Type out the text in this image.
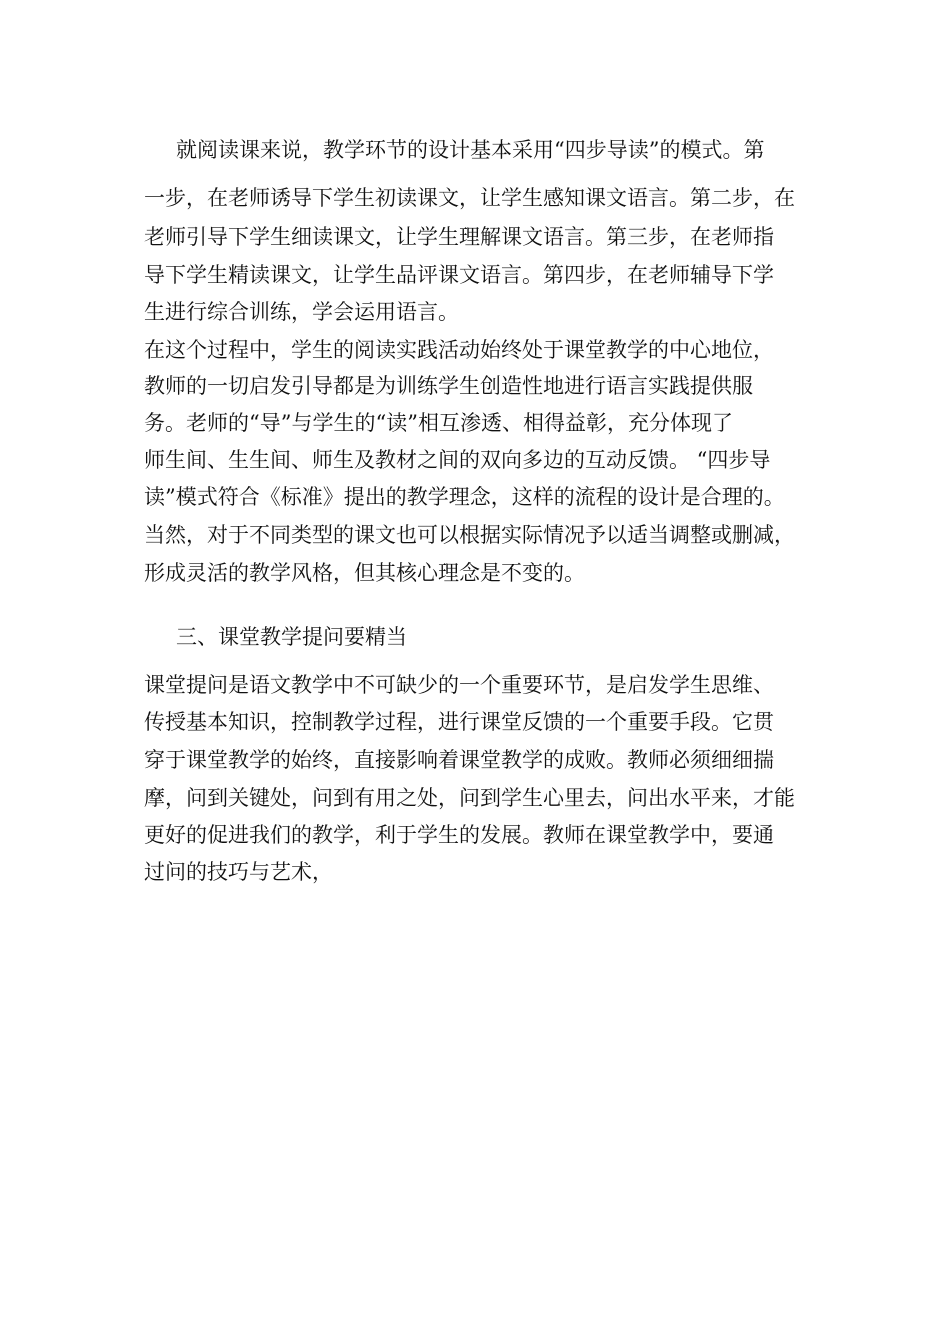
就阅读课来说，教学环节的设计基本采用“四步导读”的模式。第

一步，在老师诱导下学生初读课文，让学生感知课文语言。第二步，在

老师引导下学生细读课文，让学生理解课文语言。第三步，在老师指

导下学生精读课文，让学生品评课文语言。第四步，在老师辅导下学

生进行综合训练，学会运用语言。

在这个过程中，学生的阅读实践活动始终处于课堂教学的中心地位，

教师的一切启发引导都是为训练学生创造性地进行语言实践提供服

务。老师的“导”与学生的“读”相互渗透、相得益彰，充分体现了

师生间、生生间、师生及教材之间的双向多边的互动反馈。 “四步导

读”模式符合《标准》提出的教学理念，这样的流程的设计是合理的。

当然，对于不同类型的课文也可以根据实际情况予以适当调整或删减，

形成灵活的教学风格，但其核心理念是不变的。

三、课堂教学提问要精当

课堂提问是语文教学中不可缺少的一个重要环节，是启发学生思维、

传授基本知识，控制教学过程，进行课堂反馈的一个重要手段。它贯

穿于课堂教学的始终，直接影响着课堂教学的成败。教师必须细细揣

摩，问到关键处，问到有用之处，问到学生心里去，问出水平来，才能

更好的促进我们的教学，利于学生的发展。教师在课堂教学中，要通

过问的技巧与艺术，
